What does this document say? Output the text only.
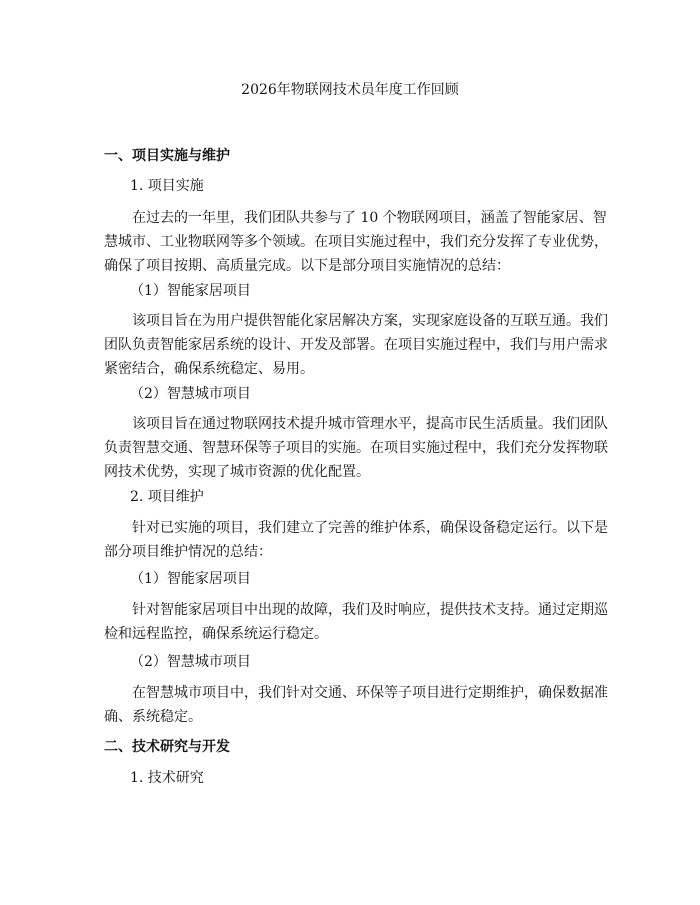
2026年物联网技术员年度工作回顾
一、项目实施与维护
1. 项目实施
在过去的一年里，我们团队共参与了 10 个物联网项目，涵盖了智能家居、智
慧城市、工业物联网等多个领域。在项目实施过程中，我们充分发挥了专业优势，
确保了项目按期、高质量完成。以下是部分项目实施情况的总结：
（1）智能家居项目
该项目旨在为用户提供智能化家居解决方案，实现家庭设备的互联互通。我们
团队负责智能家居系统的设计、开发及部署。在项目实施过程中，我们与用户需求
紧密结合，确保系统稳定、易用。
（2）智慧城市项目
该项目旨在通过物联网技术提升城市管理水平，提高市民生活质量。我们团队
负责智慧交通、智慧环保等子项目的实施。在项目实施过程中，我们充分发挥物联
网技术优势，实现了城市资源的优化配置。
2. 项目维护
针对已实施的项目，我们建立了完善的维护体系，确保设备稳定运行。以下是
部分项目维护情况的总结：
（1）智能家居项目
针对智能家居项目中出现的故障，我们及时响应，提供技术支持。通过定期巡
检和远程监控，确保系统运行稳定。
（2）智慧城市项目
在智慧城市项目中，我们针对交通、环保等子项目进行定期维护，确保数据准
确、系统稳定。
二、技术研究与开发
1. 技术研究
